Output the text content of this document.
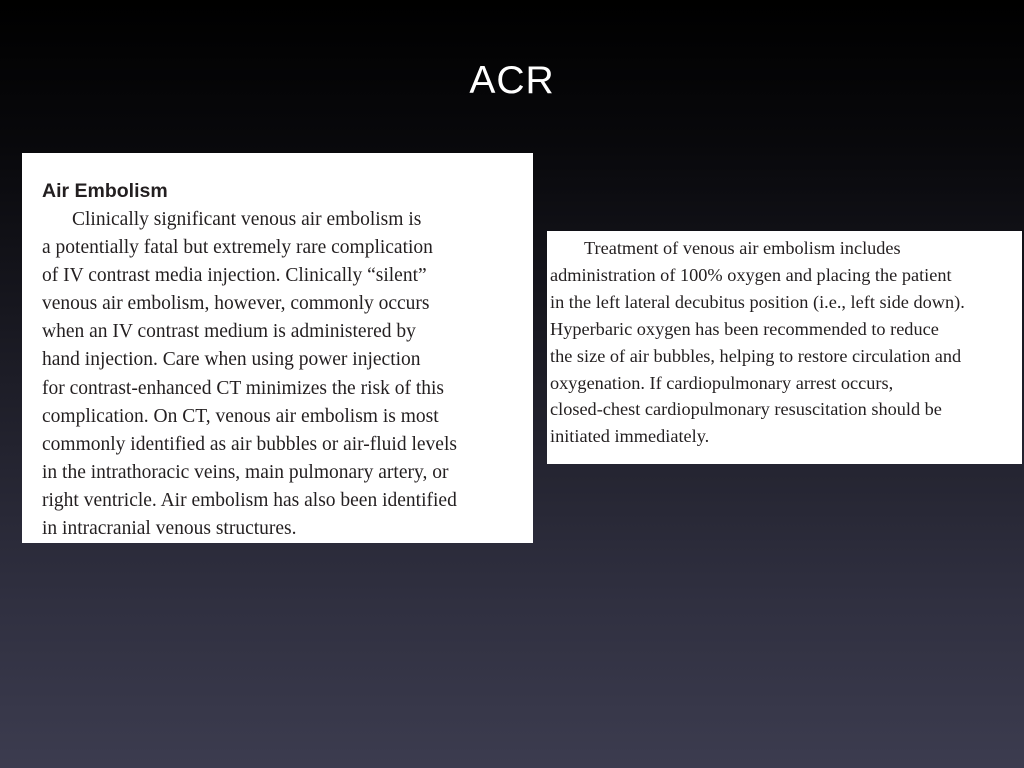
ACR
Air Embolism
Clinically significant venous air embolism is
a potentially fatal but extremely rare complication
of IV contrast media injection. Clinically “silent”
venous air embolism, however, commonly occurs
when an IV contrast medium is administered by
hand injection. Care when using power injection
for contrast-enhanced CT minimizes the risk of this
complication. On CT, venous air embolism is most
commonly identified as air bubbles or air-fluid levels
in the intrathoracic veins, main pulmonary artery, or
right ventricle. Air embolism has also been identified
in intracranial venous structures.
Treatment of venous air embolism includes
administration of 100% oxygen and placing the patient
in the left lateral decubitus position (i.e., left side down).
Hyperbaric oxygen has been recommended to reduce
the size of air bubbles, helping to restore circulation and
oxygenation. If cardiopulmonary arrest occurs,
closed-chest cardiopulmonary resuscitation should be
initiated immediately.
